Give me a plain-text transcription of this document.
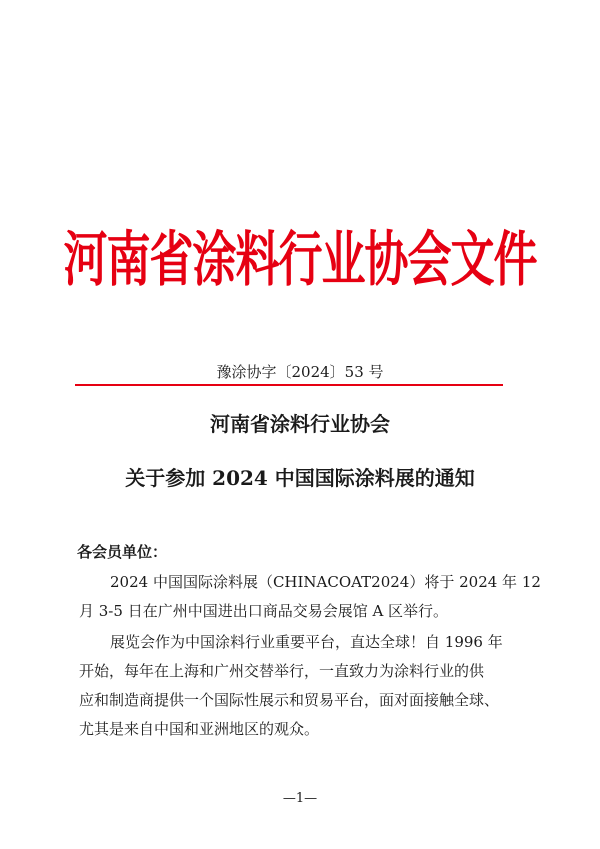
河南省涂料行业协会文件
豫涂协字〔2024〕53 号
河南省涂料行业协会
关于参加 2024 中国国际涂料展的通知
各会员单位：
2024 中国国际涂料展（CHINACOAT2024）将于 2024 年 12
月 3-5 日在广州中国进出口商品交易会展馆 A 区举行。
展览会作为中国涂料行业重要平台，直达全球！自 1996 年
开始，每年在上海和广州交替举行，一直致力为涂料行业的供
应和制造商提供一个国际性展示和贸易平台，面对面接触全球、
尤其是来自中国和亚洲地区的观众。
—1—
